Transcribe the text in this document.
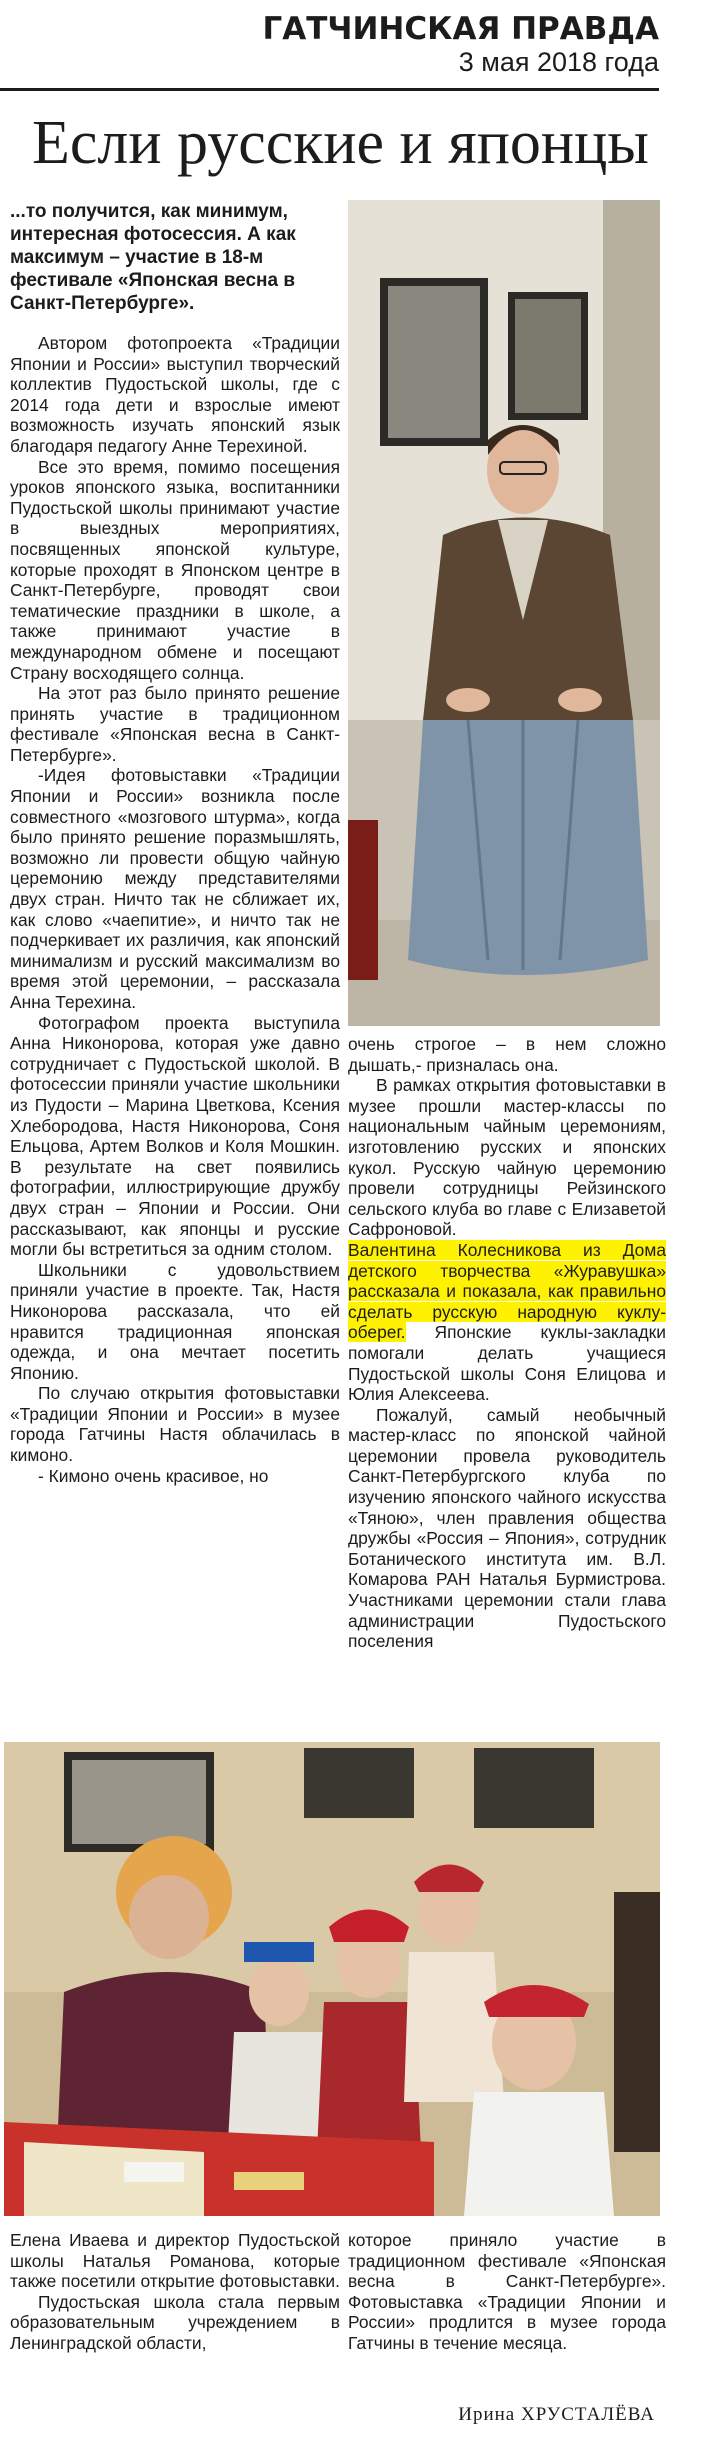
ГАТЧИНСКАЯ ПРАВДА
3 мая 2018 года
Если русские и японцы

...то получится, как минимум, интересная фотосессия. А как максимум – участие в 18-м фестивале «Японская весна в Санкт-Петербурге».

Автором фотопроекта «Традиции Японии и России» выступил творческий коллектив Пудостьской школы, где с 2014 года дети и взрослые имеют возможность изучать японский язык благодаря педагогу Анне Терехиной.

Все это время, помимо посещения уроков японского языка, воспитанники Пудостьской школы принимают участие в выездных мероприятиях, посвященных японской культуре, которые проходят в Японском центре в Санкт-Петербурге, проводят свои тематические праздники в школе, а также принимают участие в международном обмене и посещают Страну восходящего солнца.

На этот раз было принято решение принять участие в традиционном фестивале «Японская весна в Санкт-Петербурге».

-Идея фотовыставки «Традиции Японии и России» возникла после совместного «мозгового штурма», когда было принято решение поразмышлять, возможно ли провести общую чайную церемонию между представителями двух стран. Ничто так не сближает их, как слово «чаепитие», и ничто так не подчеркивает их различия, как японский минимализм и русский максимализм во время этой церемонии, – рассказала Анна Терехина.

Фотографом проекта выступила Анна Никонорова, которая уже давно сотрудничает с Пудостьской школой. В фотосессии приняли участие школьники из Пудости – Марина Цветкова, Ксения Хлебородова, Настя Никонорова, Соня Ельцова, Артем Волков и Коля Мошкин. В результате на свет появились фотографии, иллюстрирующие дружбу двух стран – Японии и России. Они рассказывают, как японцы и русские могли бы встретиться за одним столом.

Школьники с удовольствием приняли участие в проекте. Так, Настя Никонорова рассказала, что ей нравится традиционная японская одежда, и она мечтает посетить Японию.

По случаю открытия фотовыставки «Традиции Японии и России» в музее города Гатчины Настя облачилась в кимоно.

- Кимоно очень красивое, но

очень строгое – в нем сложно дышать,- призналась она.

В рамках открытия фотовыставки в музее прошли мастер-классы по национальным чайным церемониям, изготовлению русских и японских кукол. Русскую чайную церемонию провели сотрудницы Рейзинского сельского клуба во главе с Елизаветой Сафроновой.

Валентина Колесникова из Дома детского творчества «Журавушка» рассказала и показала, как правильно сделать русскую народную куклу-оберег. Японские куклы-закладки помогали делать учащиеся Пудостьской школы Соня Елицова и Юлия Алексеева.

Пожалуй, самый необычный мастер-класс по японской чайной церемонии провела руководитель Санкт-Петербургского клуба по изучению японского чайного искусства «Тяною», член правления общества дружбы «Россия – Япония», сотрудник Ботанического института им. В.Л. Комарова РАН Наталья Бурмистрова. Участниками церемонии стали глава администрации Пудостьского поселения

Елена Иваева и директор Пудостьской школы Наталья Романова, которые также посетили открытие фотовыставки.

Пудостьская школа стала первым образовательным учреждением в Ленинградской области,

которое приняло участие в традиционном фестивале «Японская весна в Санкт-Петербурге». Фотовыставка «Традиции Японии и России» продлится в музее города Гатчины в течение месяца.

Ирина ХРУСТАЛЁВА
